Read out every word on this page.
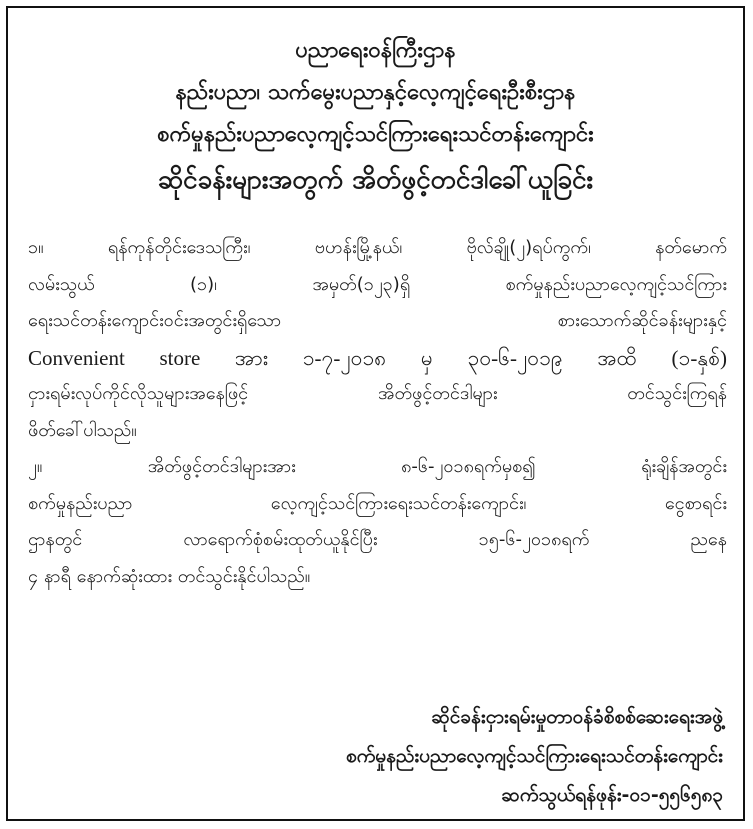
ပညာရေးဝန်ကြီးဌာန
နည်းပညာ၊ သက်မွေးပညာနှင့်လေ့ကျင့်ရေးဦးစီးဌာန
စက်မှုနည်းပညာလေ့ကျင့်သင်ကြားရေးသင်တန်းကျောင်း
ဆိုင်ခန်းများအတွက် အိတ်ဖွင့်တင်ဒါခေါ်ယူခြင်း
၁။ ရန်ကုန်တိုင်းဒေသကြီး၊ ဗဟန်းမြို့နယ်၊ ဗိုလ်ချို(၂)ရပ်ကွက်၊ နတ်မောက်
လမ်းသွယ် (၁)၊ အမှတ်(၁၂၃)ရှိ စက်မှုနည်းပညာလေ့ကျင့်သင်ကြား
ရေးသင်တန်းကျောင်းဝင်းအတွင်းရှိသော စားသောက်ဆိုင်ခန်းများနှင့်
Convenient store အား ၁-၇-၂၀၁၈ မှ ၃၀-၆-၂၀၁၉ အထိ (၁-နှစ်)
ငှားရမ်းလုပ်ကိုင်လိုသူများအနေဖြင့် အိတ်ဖွင့်တင်ဒါများ တင်သွင်းကြရန်
ဖိတ်ခေါ်ပါသည်။
၂။ အိတ်ဖွင့်တင်ဒါများအား ၈-၆-၂၀၁၈ရက်မှစ၍ ရုံးချိန်အတွင်း
စက်မှုနည်းပညာ လေ့ကျင့်သင်ကြားရေးသင်တန်းကျောင်း၊ ငွေစာရင်း
ဌာနတွင် လာရောက်စုံစမ်းထုတ်ယူနိုင်ပြီး ၁၅-၆-၂၀၁၈ရက် ညနေ
၄ နာရီ နောက်ဆုံးထား တင်သွင်းနိုင်ပါသည်။
ဆိုင်ခန်းငှားရမ်းမှုတာဝန်ခံစိစစ်ဆေးရေးအဖွဲ့
စက်မှုနည်းပညာလေ့ကျင့်သင်ကြားရေးသင်တန်းကျောင်း
ဆက်သွယ်ရန်ဖုန်း-၀၁-၅၅၆၅၈၃
